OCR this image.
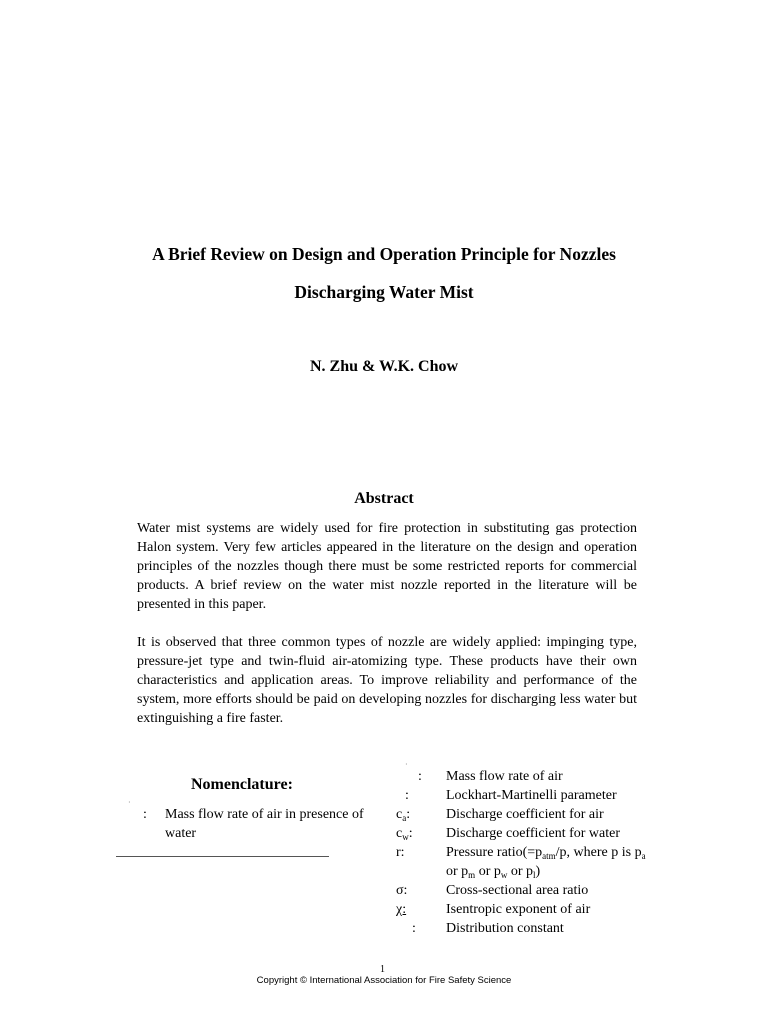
A Brief Review on Design and Operation Principle for Nozzles
Discharging Water Mist
N. Zhu & W.K. Chow
Abstract
Water mist systems are widely used for fire protection in substituting gas protection Halon system. Very few articles appeared in the literature on the design and operation principles of the nozzles though there must be some restricted reports for commercial products. A brief review on the water mist nozzle reported in the literature will be presented in this paper.
It is observed that three common types of nozzle are widely applied: impinging type, pressure-jet type and twin-fluid air-atomizing type. These products have their own characteristics and application areas. To improve reliability and performance of the system, more efforts should be paid on developing nozzles for discharging less water but extinguishing a fire faster.
Nomenclature:
·
: Mass flow rate of air in presence of
water
·
: Mass flow rate of air
:	Lockhart-Martinelli parameter
$c_a$:	Discharge coefficient for air
$c_w$: Discharge coefficient for water
r:	Pressure $ratio(=p_{atm}/p$, where p is $p_a$
or $p_m$ or $p_w$ or $p_l$)
σ:	Cross-sectional area ratio
χ:	Isentropic exponent of air
: Distribution constant
1
Copyright © International Association for Fire Safety Science
